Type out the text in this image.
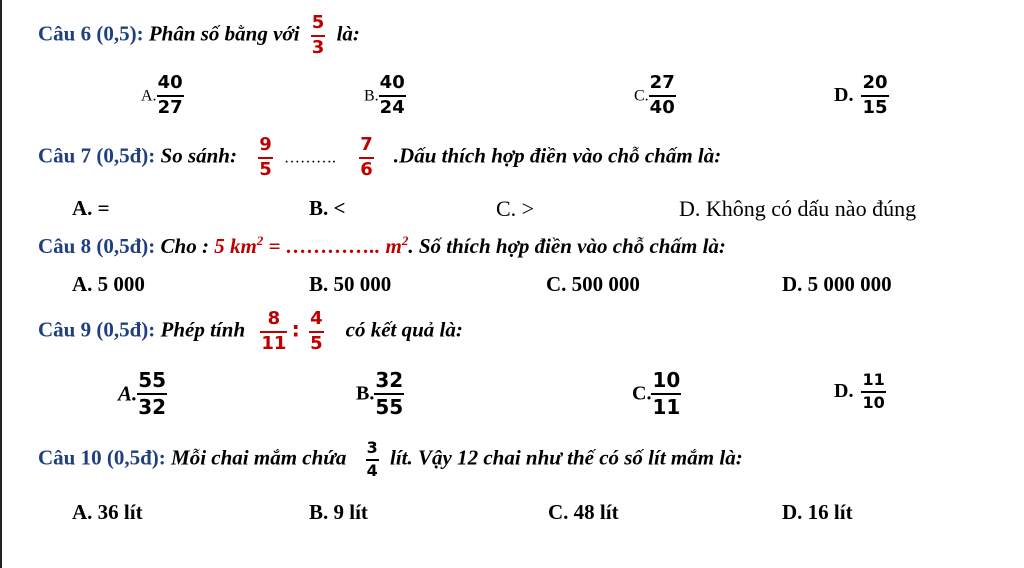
Câu 6 (0,5): Phân số bằng với $\frac{5}{3}$ là:
A. $\frac{40}{27}$	B. $\frac{40}{24}$	C. $\frac{27}{40}$	D. $\frac{20}{15}$
Câu 7 (0,5đ): So sánh: $\frac{9}{5}$ ………. $\frac{7}{6}$ .Dấu thích hợp điền vào chỗ chấm là:
A. =	B. <	C. >	D. Không có dấu nào đúng
Câu 8 (0,5đ): Cho : 5 $km^2$ = ………….. $m^2$. Số thích hợp điền vào chỗ chấm là:
A. 5 000	B. 50 000	C. 500 000	D. 5 000 000
Câu 9 (0,5đ): Phép tính $\frac{8}{11}$ : $\frac{4}{5}$ có kết quả là:
A. $\frac{55}{32}$	B. $\frac{32}{55}$	C. $\frac{10}{11}$	D. $\frac{11}{10}$
Câu 10 (0,5đ): Mỗi chai mắm chứa $\frac{3}{4}$ lít. Vậy 12 chai như thế có số lít mắm là:
A. 36 lít	B. 9 lít	C. 48 lít	D. 16 lít
